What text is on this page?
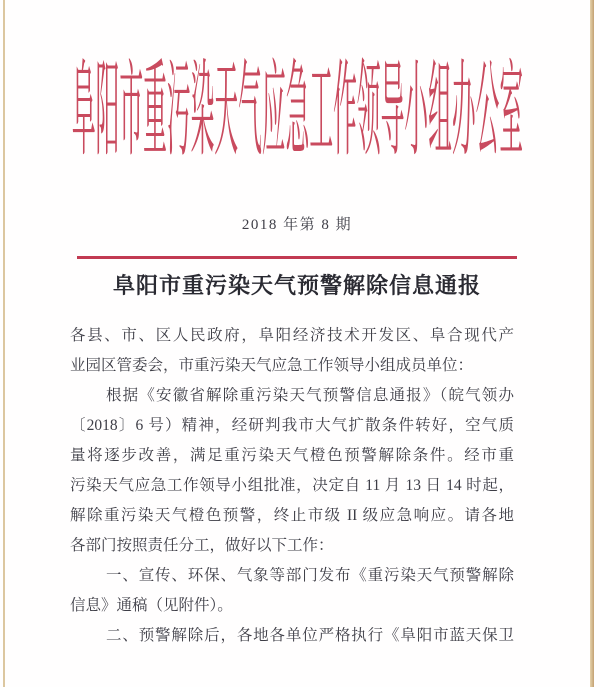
阜阳市重污染天气应急工作领导小组办公室
2018 年第 8 期
阜阳市重污染天气预警解除信息通报
各县、市、区人民政府，阜阳经济技术开发区、阜合现代产
业园区管委会，市重污染天气应急工作领导小组成员单位：
根据《安徽省解除重污染天气预警信息通报》（皖气领办
〔2018〕6 号）精神，经研判我市大气扩散条件转好，空气质
量将逐步改善，满足重污染天气橙色预警解除条件。经市重
污染天气应急工作领导小组批准，决定自 11 月 13 日 14 时起，
解除重污染天气橙色预警，终止市级 II 级应急响应。请各地
各部门按照责任分工，做好以下工作：
一、宣传、环保、气象等部门发布《重污染天气预警解除
信息》通稿（见附件）。
二、预警解除后，各地各单位严格执行《阜阳市蓝天保卫
